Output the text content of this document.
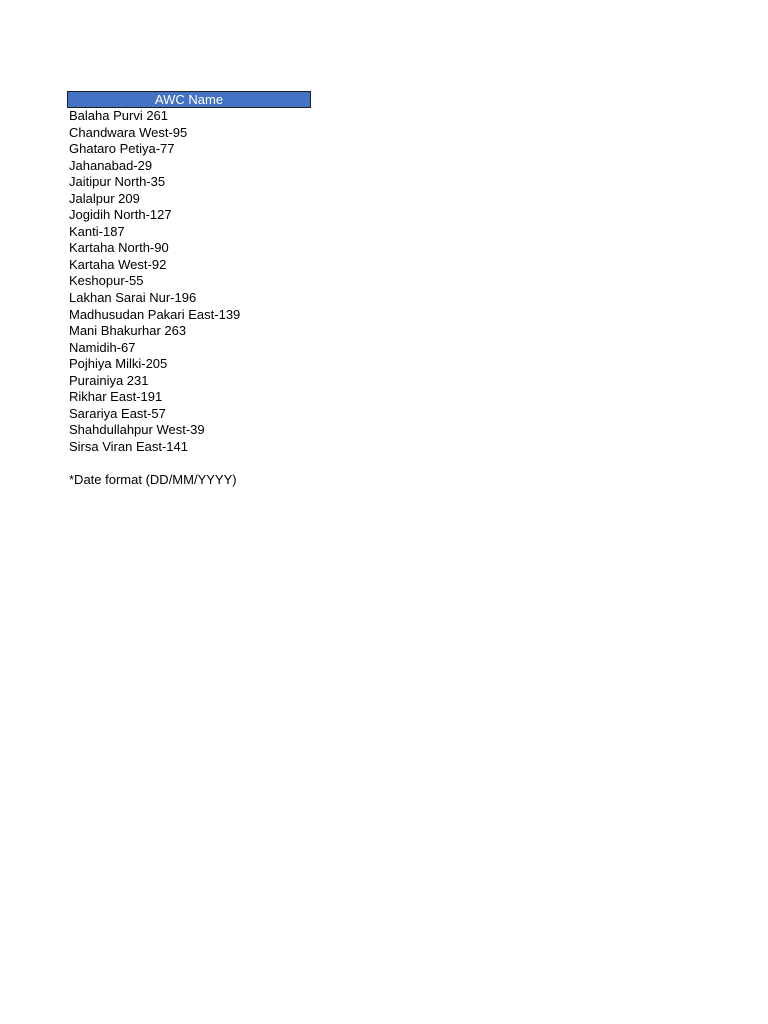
AWC Name
Balaha Purvi 261
Chandwara West-95
Ghataro Petiya-77
Jahanabad-29
Jaitipur North-35
Jalalpur 209
Jogidih North-127
Kanti-187
Kartaha North-90
Kartaha West-92
Keshopur-55
Lakhan Sarai Nur-196
Madhusudan Pakari East-139
Mani Bhakurhar 263
Namidih-67
Pojhiya Milki-205
Purainiya 231
Rikhar East-191
Sarariya East-57
Shahdullahpur West-39
Sirsa Viran East-141
*Date format (DD/MM/YYYY)
